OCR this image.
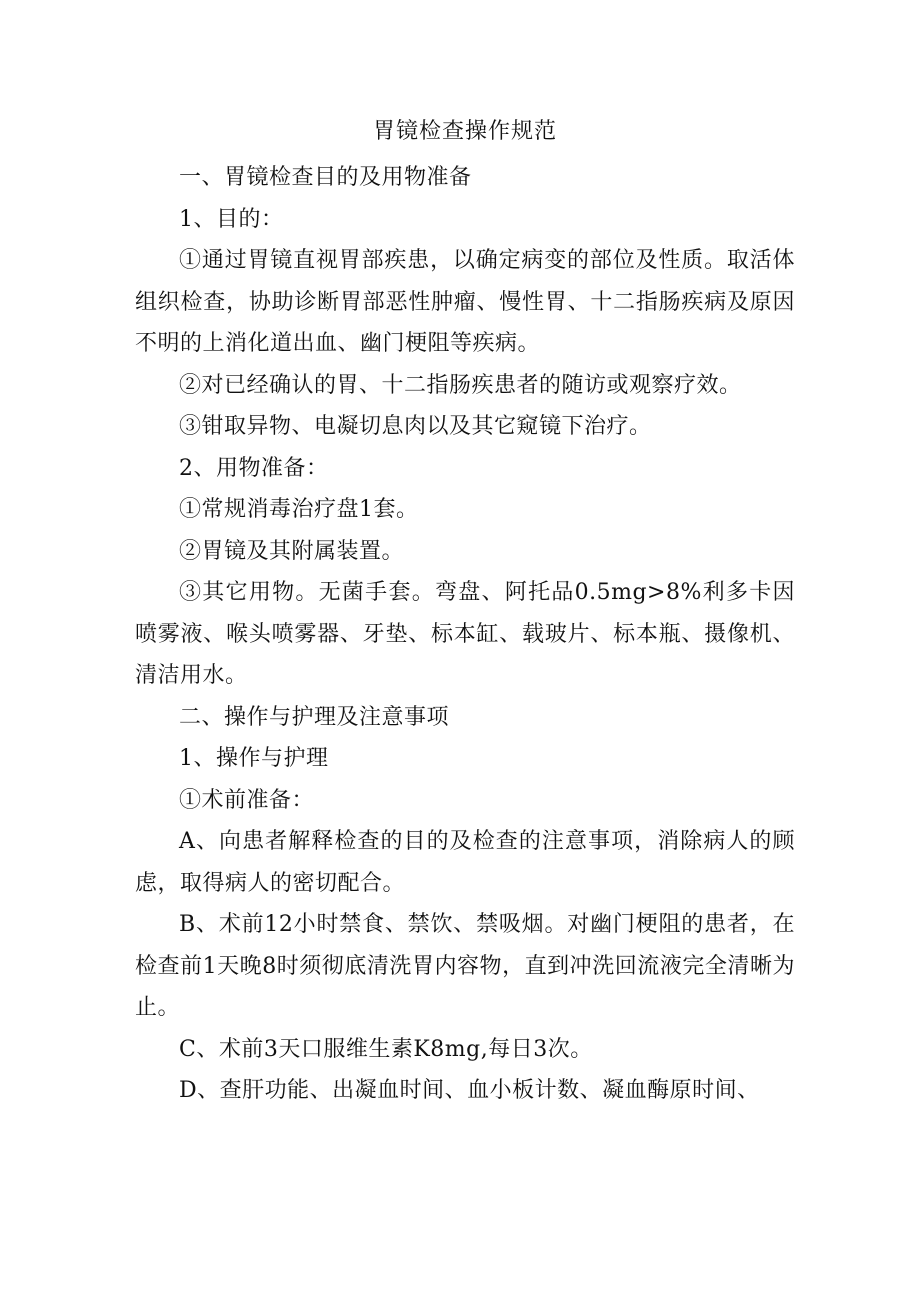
胃镜检查操作规范

一、胃镜检查目的及用物准备

1、目的：

①通过胃镜直视胃部疾患，以确定病变的部位及性质。取活体组织检查，协助诊断胃部恶性肿瘤、慢性胃、十二指肠疾病及原因不明的上消化道出血、幽门梗阻等疾病。

②对已经确认的胃、十二指肠疾患者的随访或观察疗效。

③钳取异物、电凝切息肉以及其它窥镜下治疗。

2、用物准备：

①常规消毒治疗盘1套。

②胃镜及其附属装置。

③其它用物。无菌手套。弯盘、阿托品0.5mg>8%利多卡因喷雾液、喉头喷雾器、牙垫、标本缸、载玻片、标本瓶、摄像机、清洁用水。

二、操作与护理及注意事项

1、操作与护理

①术前准备：

A、向患者解释检查的目的及检查的注意事项，消除病人的顾虑，取得病人的密切配合。

B、术前12小时禁食、禁饮、禁吸烟。对幽门梗阻的患者，在检查前1天晚8时须彻底清洗胃内容物，直到冲洗回流液完全清晰为止。

C、术前3天口服维生素K8mg,每日3次。

D、查肝功能、出凝血时间、血小板计数、凝血酶原时间、
